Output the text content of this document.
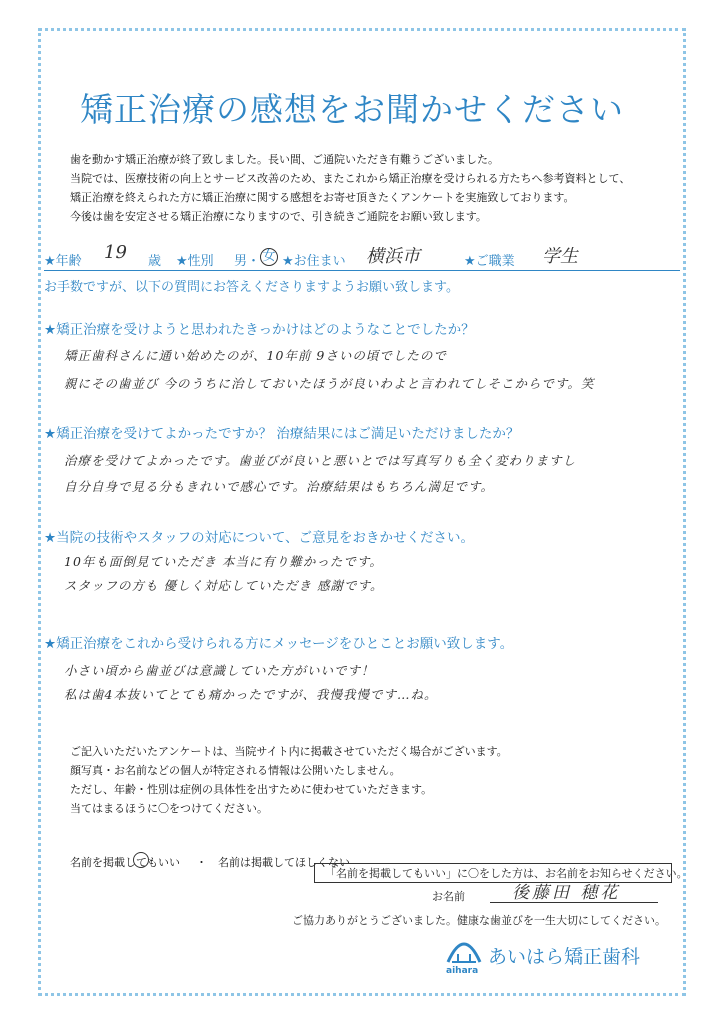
矯正治療の感想をお聞かせください
歯を動かす矯正治療が終了致しました。長い間、ご通院いただき有難うございました。
当院では、医療技術の向上とサービス改善のため、またこれから矯正治療を受けられる方たちへ参考資料として、
矯正治療を終えられた方に矯正治療に関する感想をお寄せ頂きたくアンケートを実施致しております。
今後は歯を安定させる矯正治療になりますので、引き続きご通院をお願い致します。
★年齢 19 歳 ★性別 男・ 女 ★お住まい 横浜市	★ご職業 学生
お手数ですが、以下の質問にお答えくださりますようお願い致します。
★矯正治療を受けようと思われたきっかけはどのようなことでしたか？
矯正歯科さんに通い始めたのが、10年前 9さいの頃でしたので
親にその歯並び 今のうちに治しておいたほうが良いわよと言われてしそこからです。笑
★矯正治療を受けてよかったですか？ 治療結果にはご満足いただけましたか？
治療を受けてよかったです。歯並びが良いと悪いとでは写真写りも全く変わりますし
自分自身で見る分もきれいで感心です。治療結果はもちろん満足です。
★当院の技術やスタッフの対応について、ご意見をおきかせください。
10年も面倒見ていただき 本当に有り難かったです。
スタッフの方も 優しく対応していただき 感謝です。
★矯正治療をこれから受けられる方にメッセージをひとことお願い致します。
小さい頃から歯並びは意識していた方がいいです！
私は歯4本抜いてとても痛かったですが、我慢我慢です…ね。
ご記入いただいたアンケートは、当院サイト内に掲載させていただく場合がございます。
顔写真・お名前などの個人が特定される情報は公開いたしません。
ただし、年齢・性別は症例の具体性を出すために使わせていただきます。
当てはまるほうに〇をつけてください。
名前を掲載してもいい ・ 名前は掲載してほしくない
「名前を掲載してもいい」に〇をした方は、お名前をお知らせください。
お名前	後藤田 穂花
ご協力ありがとうございました。健康な歯並びを一生大切にしてください。
あいはら矯正歯科
aihara
